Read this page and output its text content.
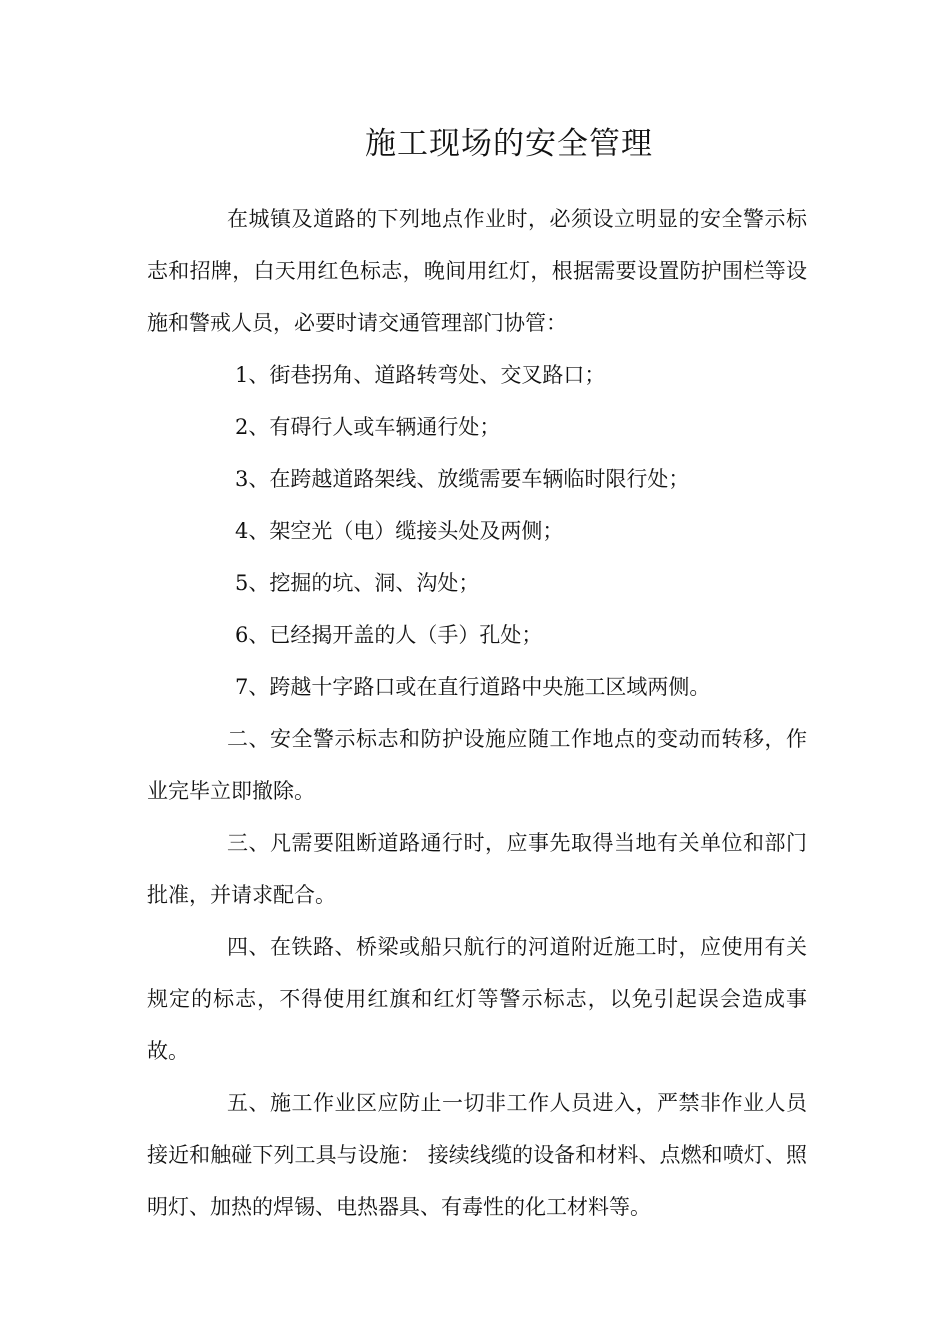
施工现场的安全管理

在城镇及道路的下列地点作业时，必须设立明显的安全警示标志和招牌，白天用红色标志，晚间用红灯，根据需要设置防护围栏等设施和警戒人员，必要时请交通管理部门协管：

1、街巷拐角、道路转弯处、交叉路口；

2、有碍行人或车辆通行处；

3、在跨越道路架线、放缆需要车辆临时限行处；

4、架空光（电）缆接头处及两侧；

5、挖掘的坑、洞、沟处；

6、已经揭开盖的人（手）孔处；

7、跨越十字路口或在直行道路中央施工区域两侧。

二、安全警示标志和防护设施应随工作地点的变动而转移，作业完毕立即撤除。

三、凡需要阻断道路通行时，应事先取得当地有关单位和部门批准，并请求配合。

四、在铁路、桥梁或船只航行的河道附近施工时，应使用有关规定的标志，不得使用红旗和红灯等警示标志，以免引起误会造成事故。

五、施工作业区应防止一切非工作人员进入，严禁非作业人员接近和触碰下列工具与设施： 接续线缆的设备和材料、点燃和喷灯、照明灯、加热的焊锡、电热器具、有毒性的化工材料等。
